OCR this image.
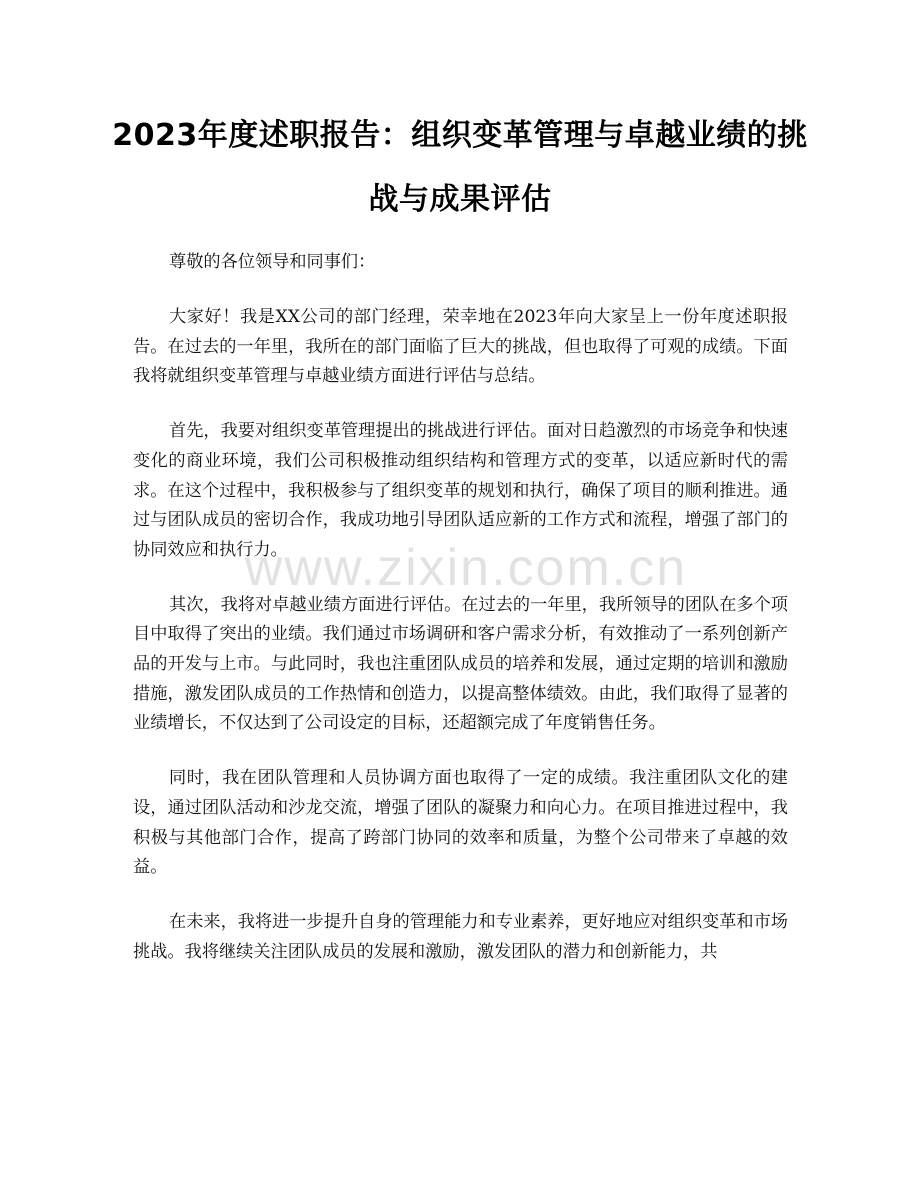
2023年度述职报告：组织变革管理与卓越业绩的挑战与成果评估

尊敬的各位领导和同事们：

大家好！我是XX公司的部门经理，荣幸地在2023年向大家呈上一份年度述职报告。在过去的一年里，我所在的部门面临了巨大的挑战，但也取得了可观的成绩。下面我将就组织变革管理与卓越业绩方面进行评估与总结。

首先，我要对组织变革管理提出的挑战进行评估。面对日趋激烈的市场竞争和快速变化的商业环境，我们公司积极推动组织结构和管理方式的变革，以适应新时代的需求。在这个过程中，我积极参与了组织变革的规划和执行，确保了项目的顺利推进。通过与团队成员的密切合作，我成功地引导团队适应新的工作方式和流程，增强了部门的协同效应和执行力。

其次，我将对卓越业绩方面进行评估。在过去的一年里，我所领导的团队在多个项目中取得了突出的业绩。我们通过市场调研和客户需求分析，有效推动了一系列创新产品的开发与上市。与此同时，我也注重团队成员的培养和发展，通过定期的培训和激励措施，激发团队成员的工作热情和创造力，以提高整体绩效。由此，我们取得了显著的业绩增长，不仅达到了公司设定的目标，还超额完成了年度销售任务。

同时，我在团队管理和人员协调方面也取得了一定的成绩。我注重团队文化的建设，通过团队活动和沙龙交流，增强了团队的凝聚力和向心力。在项目推进过程中，我积极与其他部门合作，提高了跨部门协同的效率和质量，为整个公司带来了卓越的效益。

在未来，我将进一步提升自身的管理能力和专业素养，更好地应对组织变革和市场挑战。我将继续关注团队成员的发展和激励，激发团队的潜力和创新能力，共

www.zixin.com.cn
